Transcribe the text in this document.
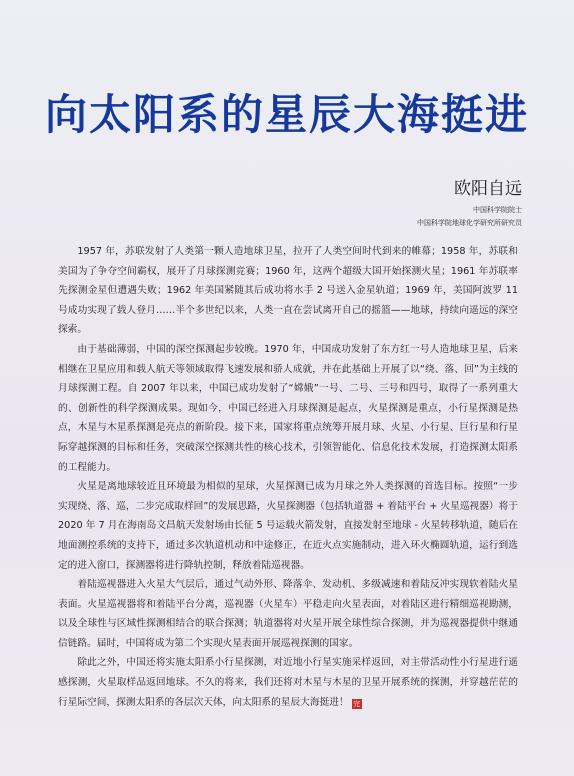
向太阳系的星辰大海挺进
欧阳自远
中国科学院院士
中国科学院地球化学研究所研究员

1957 年，苏联发射了人类第一颗人造地球卫星，拉开了人类空间时代到来的帷幕；1958 年，苏联和美国为了争夺空间霸权，展开了月球探测竞赛；1960 年，这两个超级大国开始探测火星；1961 年苏联率先探测金星但遭遇失败；1962 年美国紧随其后成功将水手 2 号送入金星轨道；1969 年，美国阿波罗 11 号成功实现了载人登月……半个多世纪以来，人类一直在尝试离开自己的摇篮——地球，持续向遥远的深空探索。

由于基础薄弱，中国的深空探测起步较晚。1970 年，中国成功发射了东方红一号人造地球卫星，后来相继在卫星应用和载人航天等领域取得飞速发展和骄人成就，并在此基础上开展了以“绕、落、回”为主线的月球探测工程。自 2007 年以来，中国已成功发射了“嫦娥”一号、二号、三号和四号，取得了一系列重大的、创新性的科学探测成果。现如今，中国已经进入月球探测是起点，火星探测是重点，小行星探测是热点，木星与木星系探测是亮点的新阶段。接下来，国家将重点统筹开展月球、火星、小行星、巨行星和行星际穿越探测的目标和任务，突破深空探测共性的核心技术，引领智能化、信息化技术发展，打造探测太阳系的工程能力。

火星是离地球较近且环境最为相似的星球，火星探测已成为月球之外人类探测的首选目标。按照“一步实现绕、落、巡，二步完成取样回”的发展思路，火星探测器（包括轨道器 + 着陆平台 + 火星巡视器）将于 2020 年 7 月在海南岛文昌航天发射场由长征 5 号运载火箭发射，直接发射至地球 - 火星转移轨道，随后在地面测控系统的支持下，通过多次轨道机动和中途修正，在近火点实施制动，进入环火椭圆轨道，运行到选定的进入窗口，探测器将进行降轨控制，释放着陆巡视器。

着陆巡视器进入火星大气层后，通过气动外形、降落伞、发动机、多级减速和着陆反冲实现软着陆火星表面。火星巡视器将和着陆平台分离，巡视器（火星车）平稳走向火星表面，对着陆区进行精细巡视勘测，以及全球性与区域性探测相结合的联合探测；轨道器将对火星开展全球性综合探测，并为巡视器提供中继通信链路。届时，中国将成为第二个实现火星表面开展巡视探测的国家。

除此之外，中国还将实施太阳系小行星探测，对近地小行星实施采样返回，对主带活动性小行星进行遥感探测，火星取样品返回地球。不久的将来，我们还将对木星与木星的卫星开展系统的探测，并穿越茫茫的行星际空间，探测太阳系的各层次天体，向太阳系的星辰大海挺进！ 完
